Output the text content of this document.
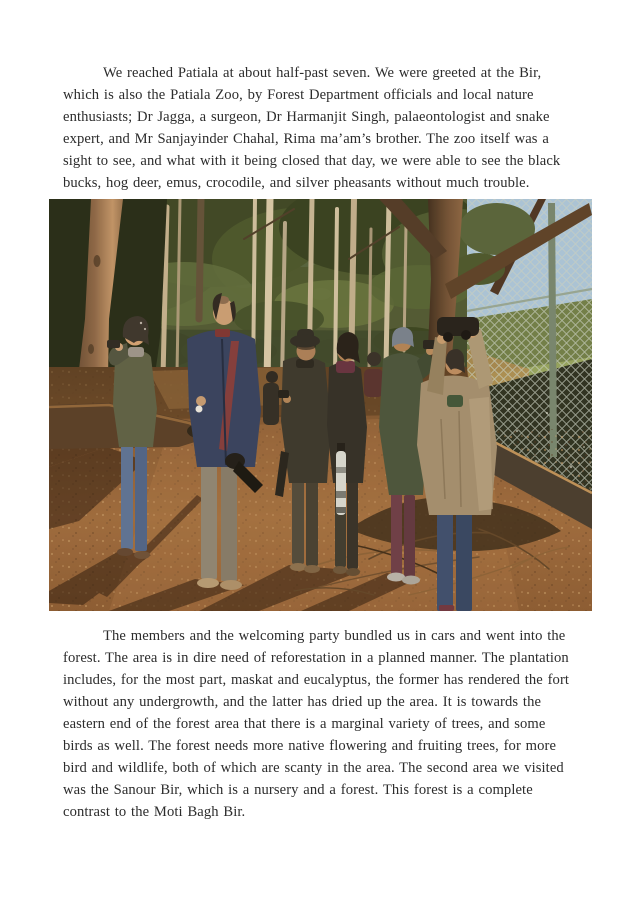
We reached Patiala at about half-past seven. We were greeted at the Bir, which is also the Patiala Zoo, by Forest Department officials and local nature enthusiasts; Dr Jagga, a surgeon, Dr Harmanjit Singh, palaeontologist and snake expert, and Mr Sanjayinder Chahal, Rima ma’am’s brother. The zoo itself was a sight to see, and what with it being closed that day, we were able to see the black bucks, hog deer, emus, crocodile, and silver pheasants without much trouble.

The members and the welcoming party bundled us in cars and went into the forest. The area is in dire need of reforestation in a planned manner. The plantation includes, for the most part, maskat and eucalyptus, the former has rendered the fort without any undergrowth, and the latter has dried up the area. It is towards the eastern end of the forest area that there is a marginal variety of trees, and some birds as well. The forest needs more native flowering and fruiting trees, for more bird and wildlife, both of which are scanty in the area. The second area we visited was the Sanour Bir, which is a nursery and a forest. This forest is a complete contrast to the Moti Bagh Bir.
